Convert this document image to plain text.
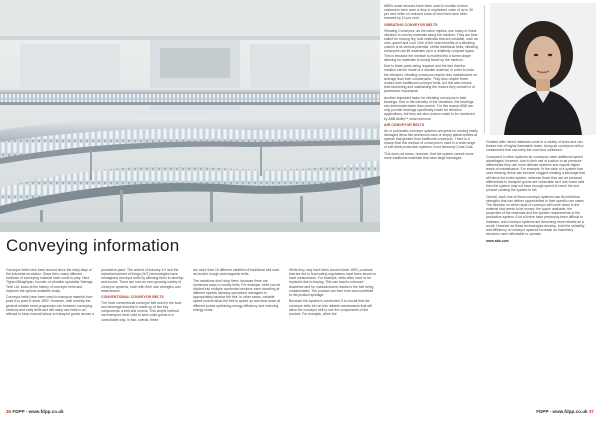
Conveying information

Conveyor belts have been around since the early days of the industrial revolution. Since then, many different methods of conveying material have come to play. Here Tigran Mikayelyan, founder of vibration specialist Yatenga Tech Ltd, looks at the history of conveyor belts and explores the options available today.

Conveyor belts have been used to transport material from point A to point B since 1892. However, until recently the general reliable bend progression ran between conveying sections and early belts and still many use belts in an attempt to keep manual labour to transport goods across a

production plant. The advent of industry 4.0 and the industrial internet of things (IIoT) technologies have reimagined conveyor belts by allowing them to develop and evolve. There are now an ever-growing variety of conveyor systems, each with their own strengths and weaknesses.

CONVENTIONAL CONVEYOR BELTS

The most conventional conveyor belt used in the food and beverage industry is made up of two key components, a belt and motors. This simple method can transport most solid to semi-solid goods in a controllable way. In fact, overall, these

are more than 15 different varieties of traditional belt such as bucket, trough and magnetic belts.

The variations don't stop there, because there are numerous ways to modify belts. For example, belts can be divided into multiple connected sections each travelling at different speeds allowing operations managers to appropriately balance the belt. In other cases, variable speed motors allow the belt to speed up and slow down at different points optimising energy efficiency and reducing energy costs.

While they may have been around since 1892, products that are fed to food safety regulations have been shown to have weaknesses. For example, belts often have to be replaced due to fraying. This can lead to unforced downtime and for manufacturers results in the belt being contaminated. The product can then form and contribute to the product spoilage.

Because the system is connected, it is crucial that the conveyor belts be run into reliable mechanisms that will allow the conveyor belt to use the components of the product. For example, when the

ABB's smart sensors have been used to monitor motors, customers have seen a drop in unplanned costs of up to 30 per cent while on reduced costs of new lines have been reduced by 10 per cent.

VIBRATING CONVEYOR BELTS

Vibrating Conveyors, as the name implies, use rotary or linear vibration to convey materials along the medium. They are best suited for moving dry, bulk materials that are unstable, such as ores, gravel and coal. One of the main benefits of a vibrating column is its vertical potential. Unlike traditional belts, vibrating conveyors can lift materials up in a relatively compact space. This is because the medium is molded into a screw shape allowing for materials to simply travel up the medium.

Due to fewer parts being required and the fact that the medium can be made of a sturdier material, in order to mold the vibration, vibrating conveyors require less maintenance on average than their counterparts. They also require fewer motors than traditional conveyor belts, but this also means that monitoring and maintaining the motors they contain is of paramount importance.

Another important factor for vibrating conveyors is their bearings. Due to the intensity of the vibrations, the bearings can deteriorate faster than normal. For this reason ABB can only provide bearings specifically made for vibration applications, but they are also custom made to be monitored by ABB Ability™ smart sensors.

AIR CONVEYOR BELTS

Air or pneumatic conveyor systems are great for moving easily damaged items like aluminium cans or empty plastic bottles at speeds that greater than traditional conveyors. There is a reason that this method of conveyors is used in a wide range of soft drink production systems, most famously Coca-Cola.

This does not mean, however, that the system cannot move more traditional materials that have large bandages.

Created after mixed materials come in a variety of sizes and can feature lots of highly flammable dusts. Using air conveyors with a containment that can keep the coal dust contained.

Compared to other systems air conveyors have additional speed advantages, however, due to their use of suction or air pressure differentials they use more delicate systems and require higher levels of maintenance. For example, in the case of a system that uses blowing, these can become clogged creating a blockage that will block the entire system, whereas those that use air pressure differentials to transport goods are vulnerable as if one motor fails then the system may not have enough speed to reach the end product causing the system to fail.

Overall, each one of these conveyor systems has its individual strengths that can deliver opportunities in their specific use cases. The decision on which style of conveyor will come down to the material that needs to be moved, the space available, the properties of the materials and the specific requirements of the production system. A lot of these have previously been difficult to maintain, and conveyor systems are becoming more reliable as a result. However as these technologies develop, both the reliability and efficiency of conveyor systems increase as machinery becomes more affordable to operate.

www.abb.com

36 FDPP - www.fdpp.co.uk	FDPP - www.fdpp.co.uk 37
